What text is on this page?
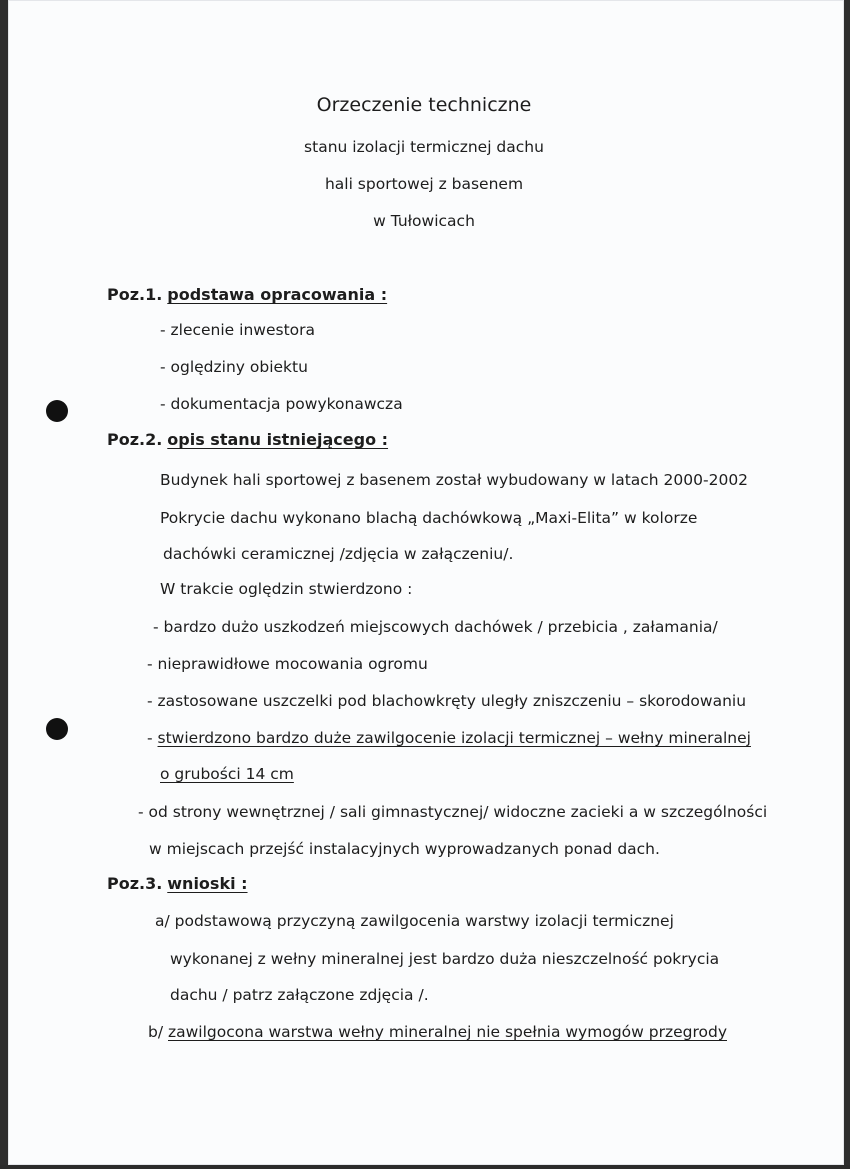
Orzeczenie techniczne
stanu izolacji termicznej dachu
hali sportowej z basenem
w Tułowicach
Poz.1. podstawa opracowania :
- zlecenie inwestora
- oględziny obiektu
- dokumentacja powykonawcza
Poz.2. opis stanu istniejącego :
Budynek hali sportowej z basenem został wybudowany w latach 2000-2002
Pokrycie dachu wykonano blachą dachówkową „Maxi-Elita” w kolorze
dachówki ceramicznej /zdjęcia w załączeniu/.
W trakcie oględzin stwierdzono :
- bardzo dużo uszkodzeń miejscowych dachówek / przebicia , załamania/
- nieprawidłowe mocowania ogromu
- zastosowane uszczelki pod blachowkręty uległy zniszczeniu – skorodowaniu
- stwierdzono bardzo duże zawilgocenie izolacji termicznej – wełny mineralnej
o grubości 14 cm
- od strony wewnętrznej / sali gimnastycznej/ widoczne zacieki a w szczególności
w miejscach przejść instalacyjnych wyprowadzanych ponad dach.
Poz.3. wnioski :
a/ podstawową przyczyną zawilgocenia warstwy izolacji termicznej
wykonanej z wełny mineralnej jest bardzo duża nieszczelność pokrycia
dachu / patrz załączone zdjęcia /.
b/ zawilgocona warstwa wełny mineralnej nie spełnia wymogów przegrody
